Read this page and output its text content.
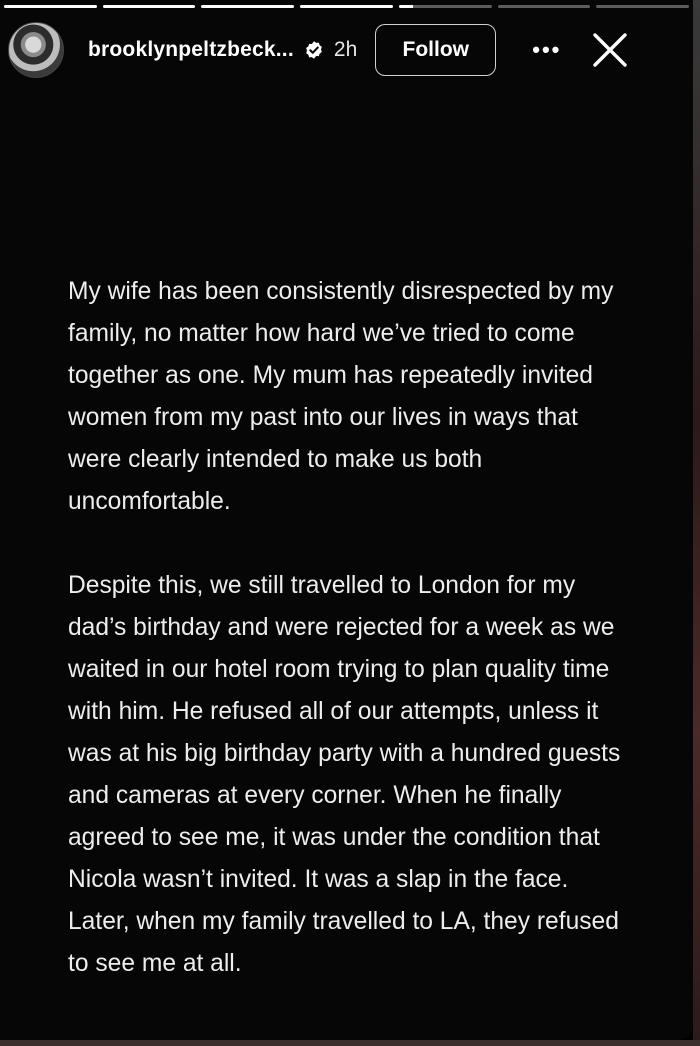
brooklynpeltzbeck... 2h	Follow	•••

My wife has been consistently disrespected by my family, no matter how hard we’ve tried to come together as one. My mum has repeatedly invited women from my past into our lives in ways that were clearly intended to make us both uncomfortable.

Despite this, we still travelled to London for my dad’s birthday and were rejected for a week as we waited in our hotel room trying to plan quality time with him. He refused all of our attempts, unless it was at his big birthday party with a hundred guests and cameras at every corner. When he finally agreed to see me, it was under the condition that Nicola wasn’t invited. It was a slap in the face. Later, when my family travelled to LA, they refused to see me at all.
